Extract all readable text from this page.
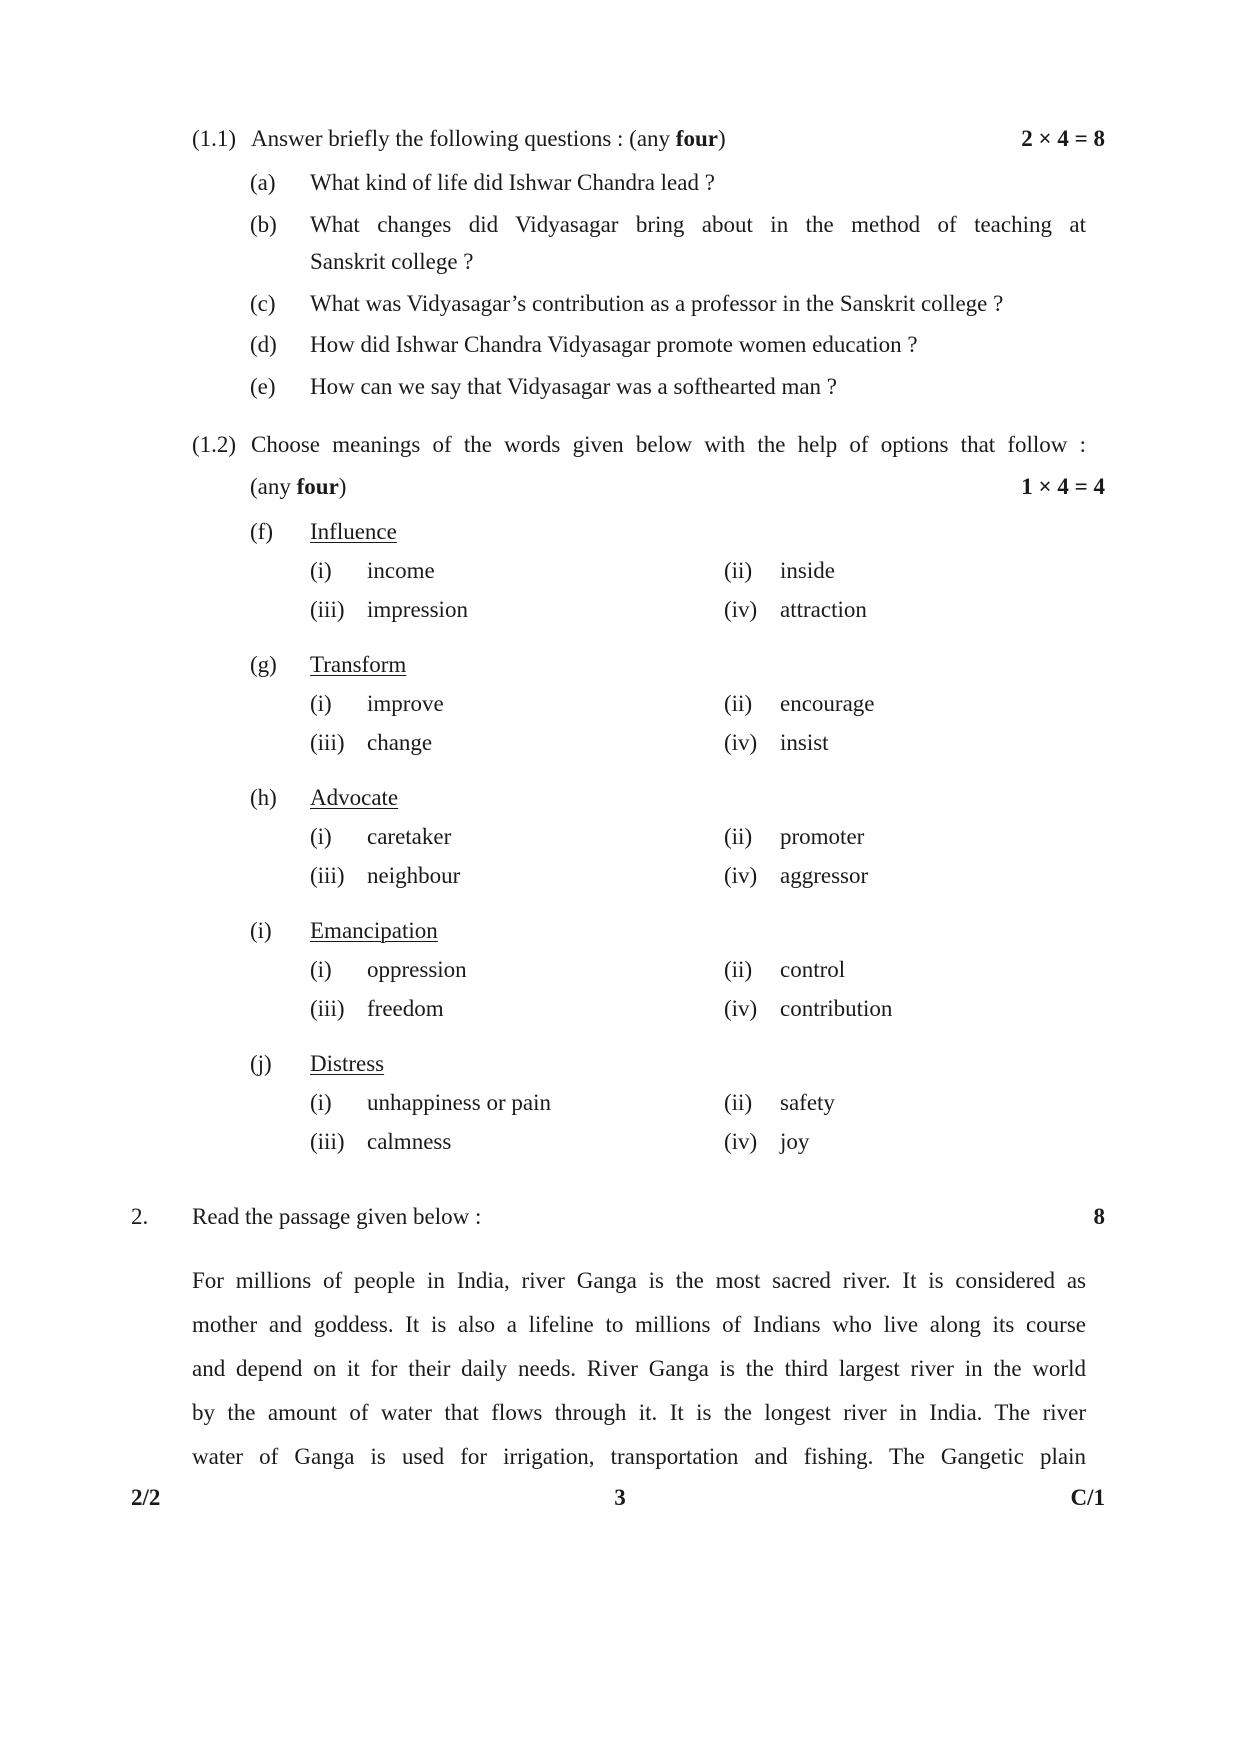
(1.1) Answer briefly the following questions : (any four)	2 × 4 = 8
(a) What kind of life did Ishwar Chandra lead ?
(b) What changes did Vidyasagar bring about in the method of teaching at
Sanskrit college ?
(c) What was Vidyasagar’s contribution as a professor in the Sanskrit college ?
(d) How did Ishwar Chandra Vidyasagar promote women education ?
(e) How can we say that Vidyasagar was a softhearted man ?
(1.2) Choose meanings of the words given below with the help of options that follow :
(any four)	1 × 4 = 4
(f) Influence
(i) income	(ii) inside
(iii) impression	(iv) attraction
(g) Transform
(i) improve	(ii) encourage
(iii) change	(iv) insist
(h) Advocate
(i) caretaker	(ii) promoter
(iii) neighbour	(iv) aggressor
(i) Emancipation
(i) oppression	(ii) control
(iii) freedom	(iv) contribution
(j) Distress
(i) unhappiness or pain	(ii) safety
(iii) calmness	(iv) joy
2. Read the passage given below :	8
For millions of people in India, river Ganga is the most sacred river. It is considered as
mother and goddess. It is also a lifeline to millions of Indians who live along its course
and depend on it for their daily needs. River Ganga is the third largest river in the world
by the amount of water that flows through it. It is the longest river in India. The river
water of Ganga is used for irrigation, transportation and fishing. The Gangetic plain
2/2	3	C/1
